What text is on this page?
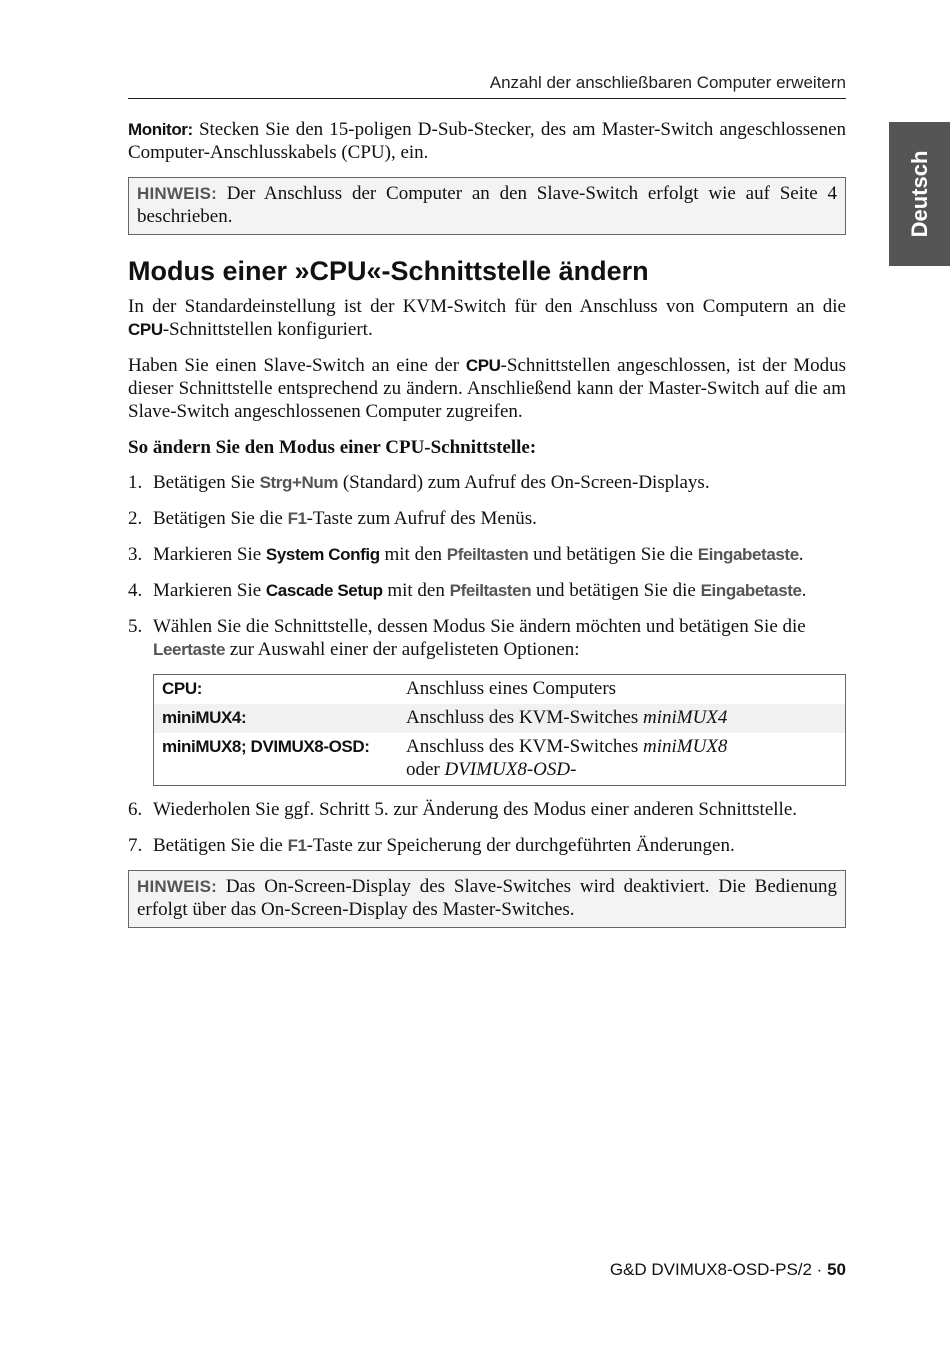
Anzahl der anschließbaren Computer erweitern
Deutsch

Monitor: Stecken Sie den 15-poligen D-Sub-Stecker, des am Master-Switch angeschlossenen Computer-Anschlusskabels (CPU), ein.

HINWEIS: Der Anschluss der Computer an den Slave-Switch erfolgt wie auf Seite 4 beschrieben.
Modus einer »CPU«-Schnittstelle ändern

In der Standardeinstellung ist der KVM-Switch für den Anschluss von Computern an die CPU-Schnittstellen konfiguriert.

Haben Sie einen Slave-Switch an eine der CPU-Schnittstellen angeschlossen, ist der Modus dieser Schnittstelle entsprechend zu ändern. Anschließend kann der Master-Switch auf die am Slave-Switch angeschlossenen Computer zugreifen.

So ändern Sie den Modus einer CPU-Schnittstelle:

1. Betätigen Sie Strg+Num (Standard) zum Aufruf des On-Screen-Displays.
2. Betätigen Sie die F1-Taste zum Aufruf des Menüs.
3. Markieren Sie System Config mit den Pfeiltasten und betätigen Sie die Eingabetaste.
4. Markieren Sie Cascade Setup mit den Pfeiltasten und betätigen Sie die Eingabetaste.
5. Wählen Sie die Schnittstelle, dessen Modus Sie ändern möchten und betätigen Sie die Leertaste zur Auswahl einer der aufgelisteten Optionen:
CPU:	Anschluss eines Computers
miniMUX4:	Anschluss des KVM-Switches miniMUX4
miniMUX8; DVIMUX8-OSD:	Anschluss des KVM-Switches miniMUX8
oder DVIMUX8-OSD-
6. Wiederholen Sie ggf. Schritt 5. zur Änderung des Modus einer anderen Schnittstelle.
7. Betätigen Sie die F1-Taste zur Speicherung der durchgeführten Änderungen.
HINWEIS: Das On-Screen-Display des Slave-Switches wird deaktiviert. Die Bedienung erfolgt über das On-Screen-Display des Master-Switches.
G&D DVIMUX8-OSD-PS/2 · 50
